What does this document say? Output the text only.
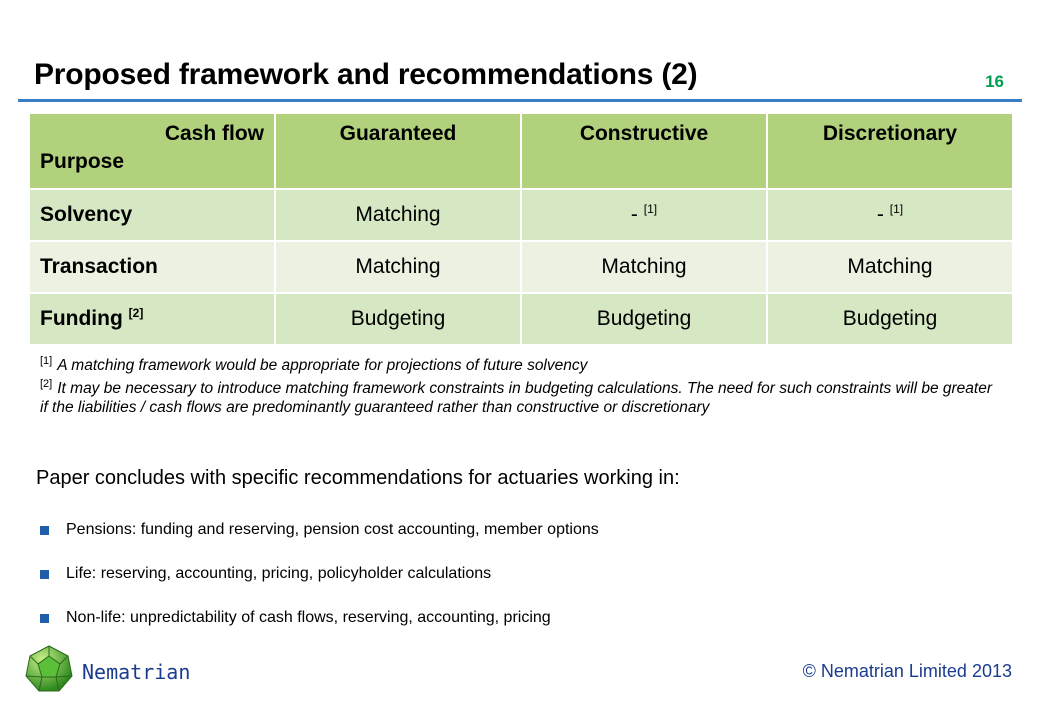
Proposed framework and recommendations (2)	16
Cash flow
Purpose	Guaranteed	Constructive	Discretionary
Solvency	Matching	- [1]	- [1]
Transaction	Matching	Matching	Matching
Funding [2]	Budgeting	Budgeting	Budgeting

[1] A matching framework would be appropriate for projections of future solvency

[2] It may be necessary to introduce matching framework constraints in budgeting calculations. The need for such constraints will be greater if the liabilities / cash flows are predominantly guaranteed rather than constructive or discretionary

Paper concludes with specific recommendations for actuaries working in:
Pensions: funding and reserving, pension cost accounting, member options
Life: reserving, accounting, pricing, policyholder calculations
Non-life: unpredictability of cash flows, reserving, accounting, pricing
Nematrian	© Nematrian Limited 2013
